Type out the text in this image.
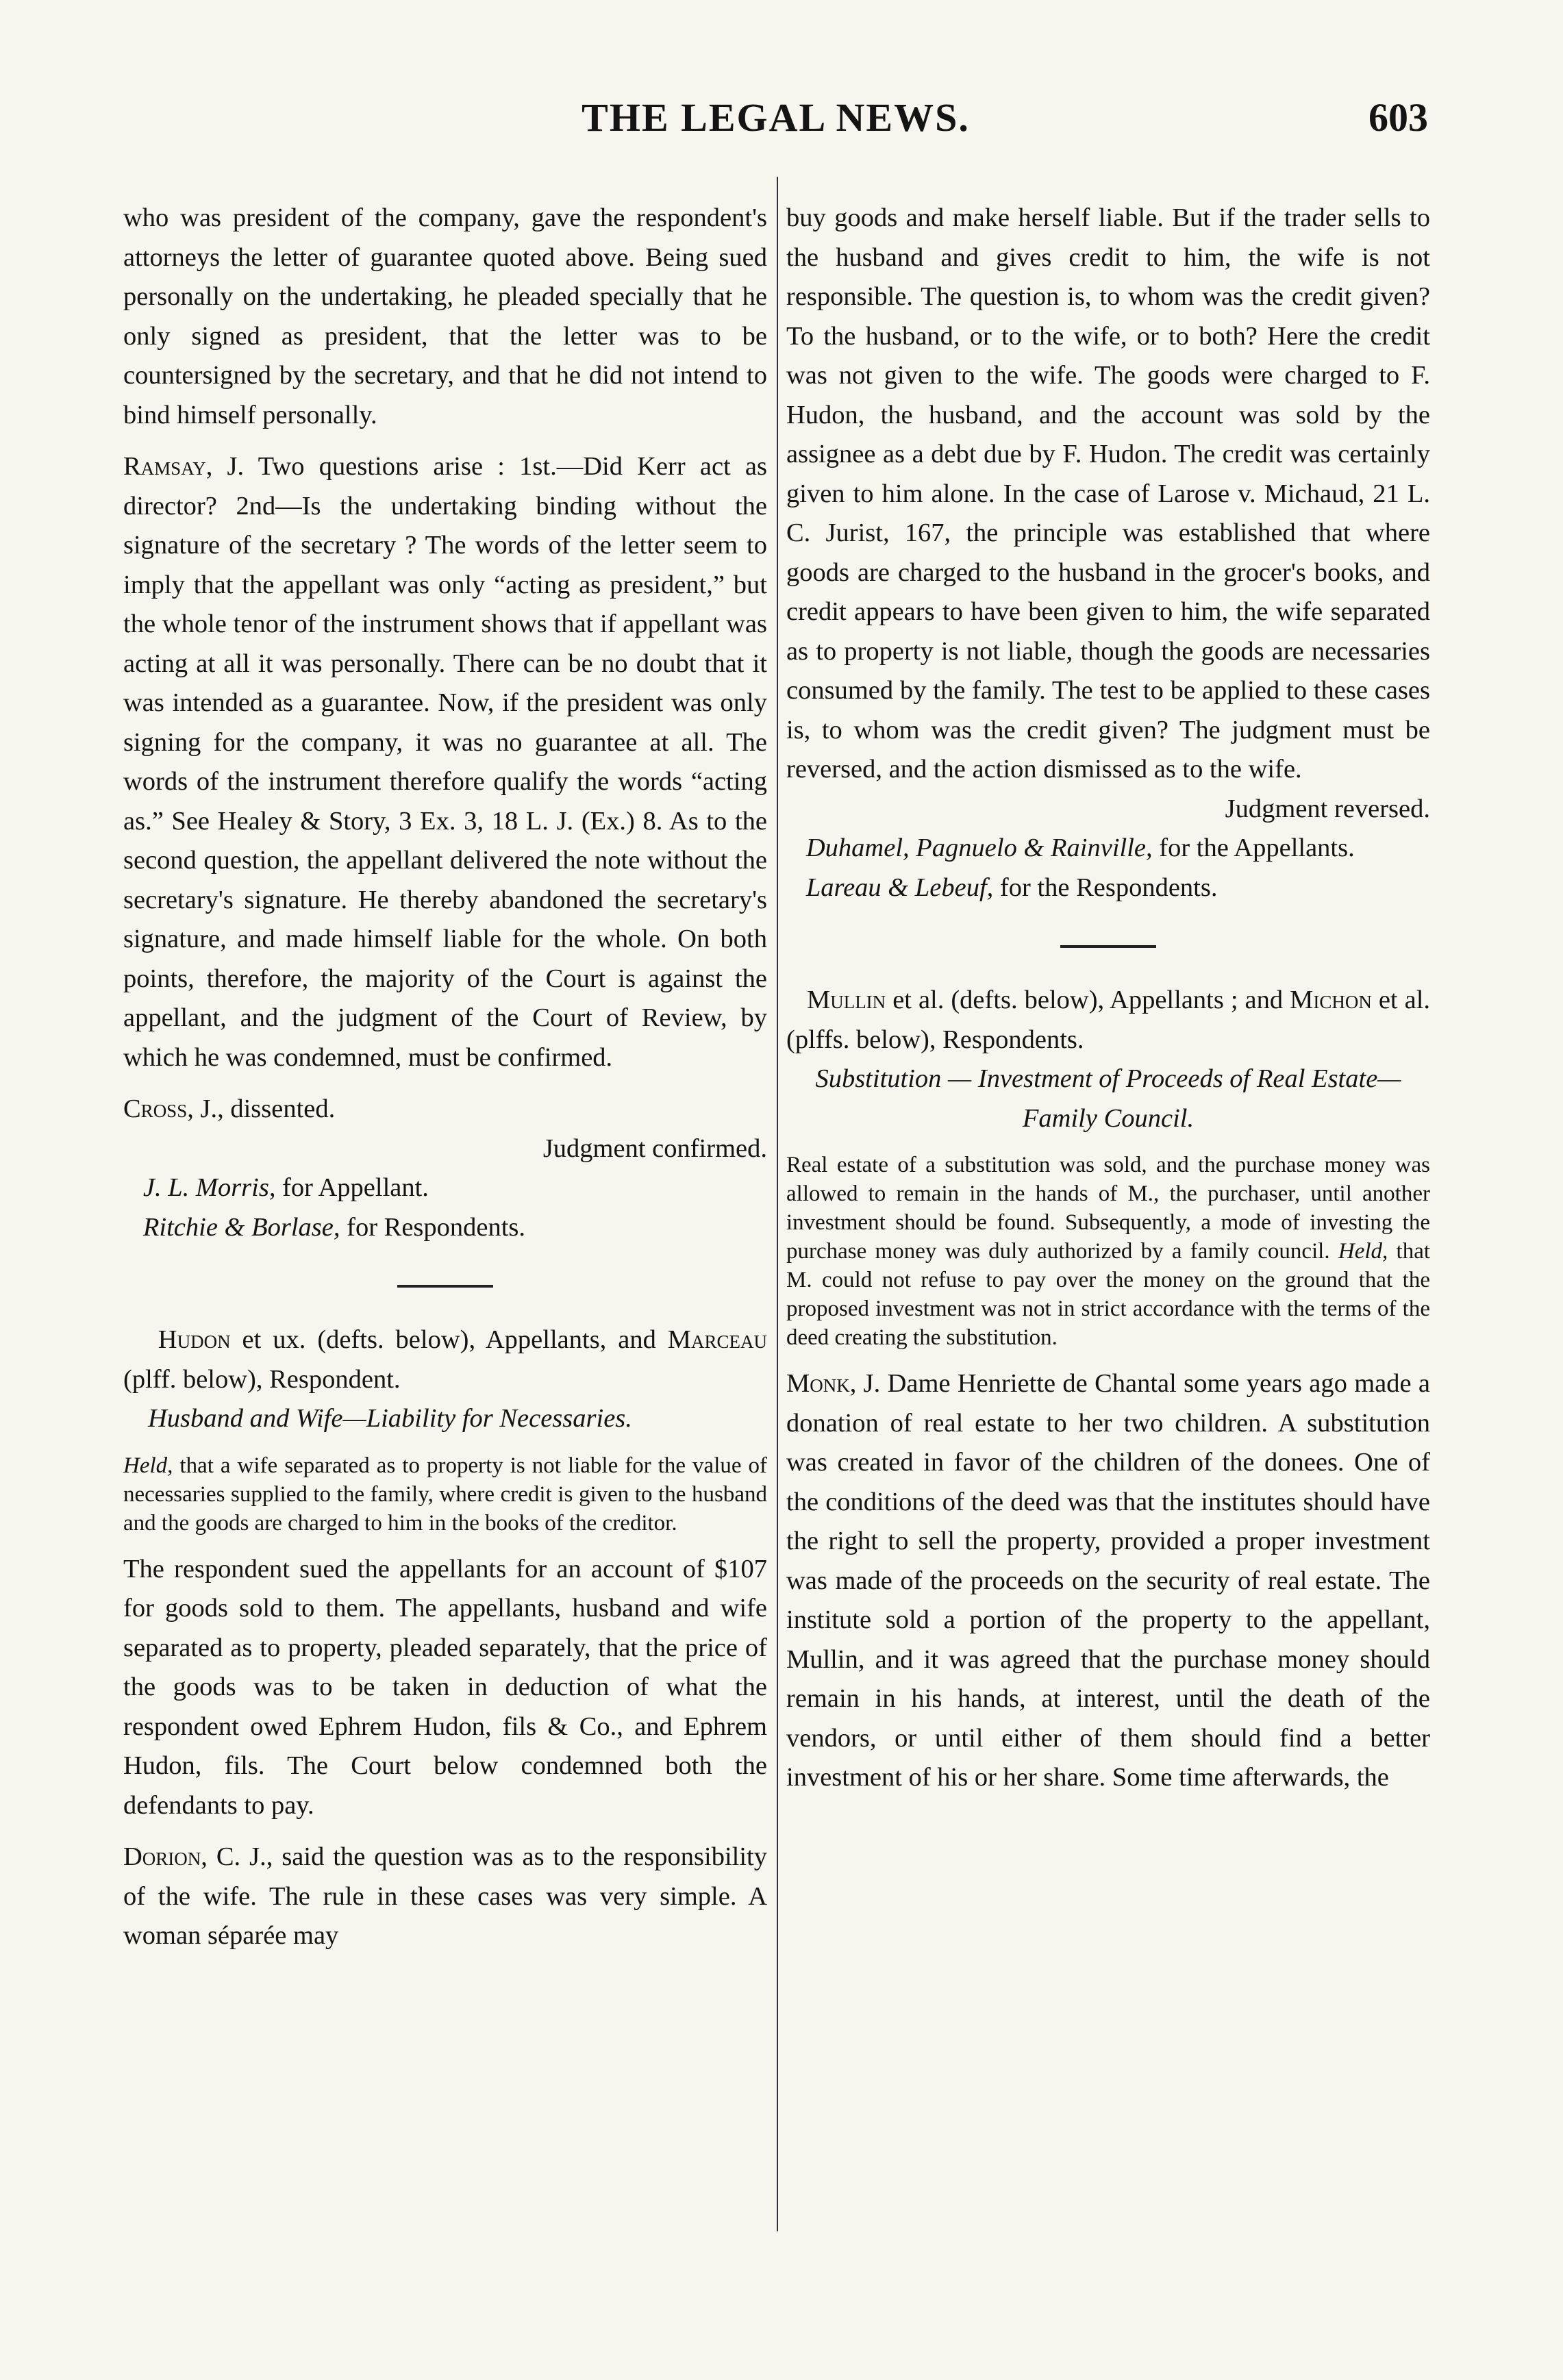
THE LEGAL NEWS.	603

who was president of the company, gave the respondent's attorneys the letter of guarantee quoted above. Being sued personally on the undertaking, he pleaded specially that he only signed as president, that the letter was to be countersigned by the secretary, and that he did not intend to bind himself personally.

Ramsay, J. Two questions arise : 1st.—Did Kerr act as director? 2nd—Is the undertaking binding without the signature of the secretary ? The words of the letter seem to imply that the appellant was only “acting as president,” but the whole tenor of the instrument shows that if appellant was acting at all it was personally. There can be no doubt that it was intended as a guarantee. Now, if the president was only signing for the company, it was no guarantee at all. The words of the instrument therefore qualify the words “acting as.” See Healey & Story, 3 Ex. 3, 18 L. J. (Ex.) 8. As to the second question, the appellant delivered the note without the secretary's signature. He thereby abandoned the secretary's signature, and made himself liable for the whole. On both points, therefore, the majority of the Court is against the appellant, and the judgment of the Court of Review, by which he was condemned, must be confirmed.

Cross, J., dissented.

Judgment confirmed.

J. L. Morris, for Appellant.

Ritchie & Borlase, for Respondents.

Hudon et ux. (defts. below), Appellants, and Marceau (plff. below), Respondent.

Husband and Wife—Liability for Necessaries.

Held, that a wife separated as to property is not liable for the value of necessaries supplied to the family, where credit is given to the husband and the goods are charged to him in the books of the creditor.

The respondent sued the appellants for an account of $107 for goods sold to them. The appellants, husband and wife separated as to property, pleaded separately, that the price of the goods was to be taken in deduction of what the respondent owed Ephrem Hudon, fils & Co., and Ephrem Hudon, fils. The Court below condemned both the defendants to pay.

Dorion, C. J., said the question was as to the responsibility of the wife. The rule in these cases was very simple. A woman séparée may

buy goods and make herself liable. But if the trader sells to the husband and gives credit to him, the wife is not responsible. The question is, to whom was the credit given? To the husband, or to the wife, or to both? Here the credit was not given to the wife. The goods were charged to F. Hudon, the husband, and the account was sold by the assignee as a debt due by F. Hudon. The credit was certainly given to him alone. In the case of Larose v. Michaud, 21 L. C. Jurist, 167, the principle was established that where goods are charged to the husband in the grocer's books, and credit appears to have been given to him, the wife separated as to property is not liable, though the goods are necessaries consumed by the family. The test to be applied to these cases is, to whom was the credit given? The judgment must be reversed, and the action dismissed as to the wife.

Judgment reversed.

Duhamel, Pagnuelo & Rainville, for the Appellants.

Lareau & Lebeuf, for the Respondents.

Mullin et al. (defts. below), Appellants ; and Michon et al. (plffs. below), Respondents.

Substitution — Investment of Proceeds of Real Estate—Family Council.

Real estate of a substitution was sold, and the purchase money was allowed to remain in the hands of M., the purchaser, until another investment should be found. Subsequently, a mode of investing the purchase money was duly authorized by a family council. Held, that M. could not refuse to pay over the money on the ground that the proposed investment was not in strict accordance with the terms of the deed creating the substitution.

Monk, J. Dame Henriette de Chantal some years ago made a donation of real estate to her two children. A substitution was created in favor of the children of the donees. One of the conditions of the deed was that the institutes should have the right to sell the property, provided a proper investment was made of the proceeds on the security of real estate. The institute sold a portion of the property to the appellant, Mullin, and it was agreed that the purchase money should remain in his hands, at interest, until the death of the vendors, or until either of them should find a better investment of his or her share. Some time afterwards, the
